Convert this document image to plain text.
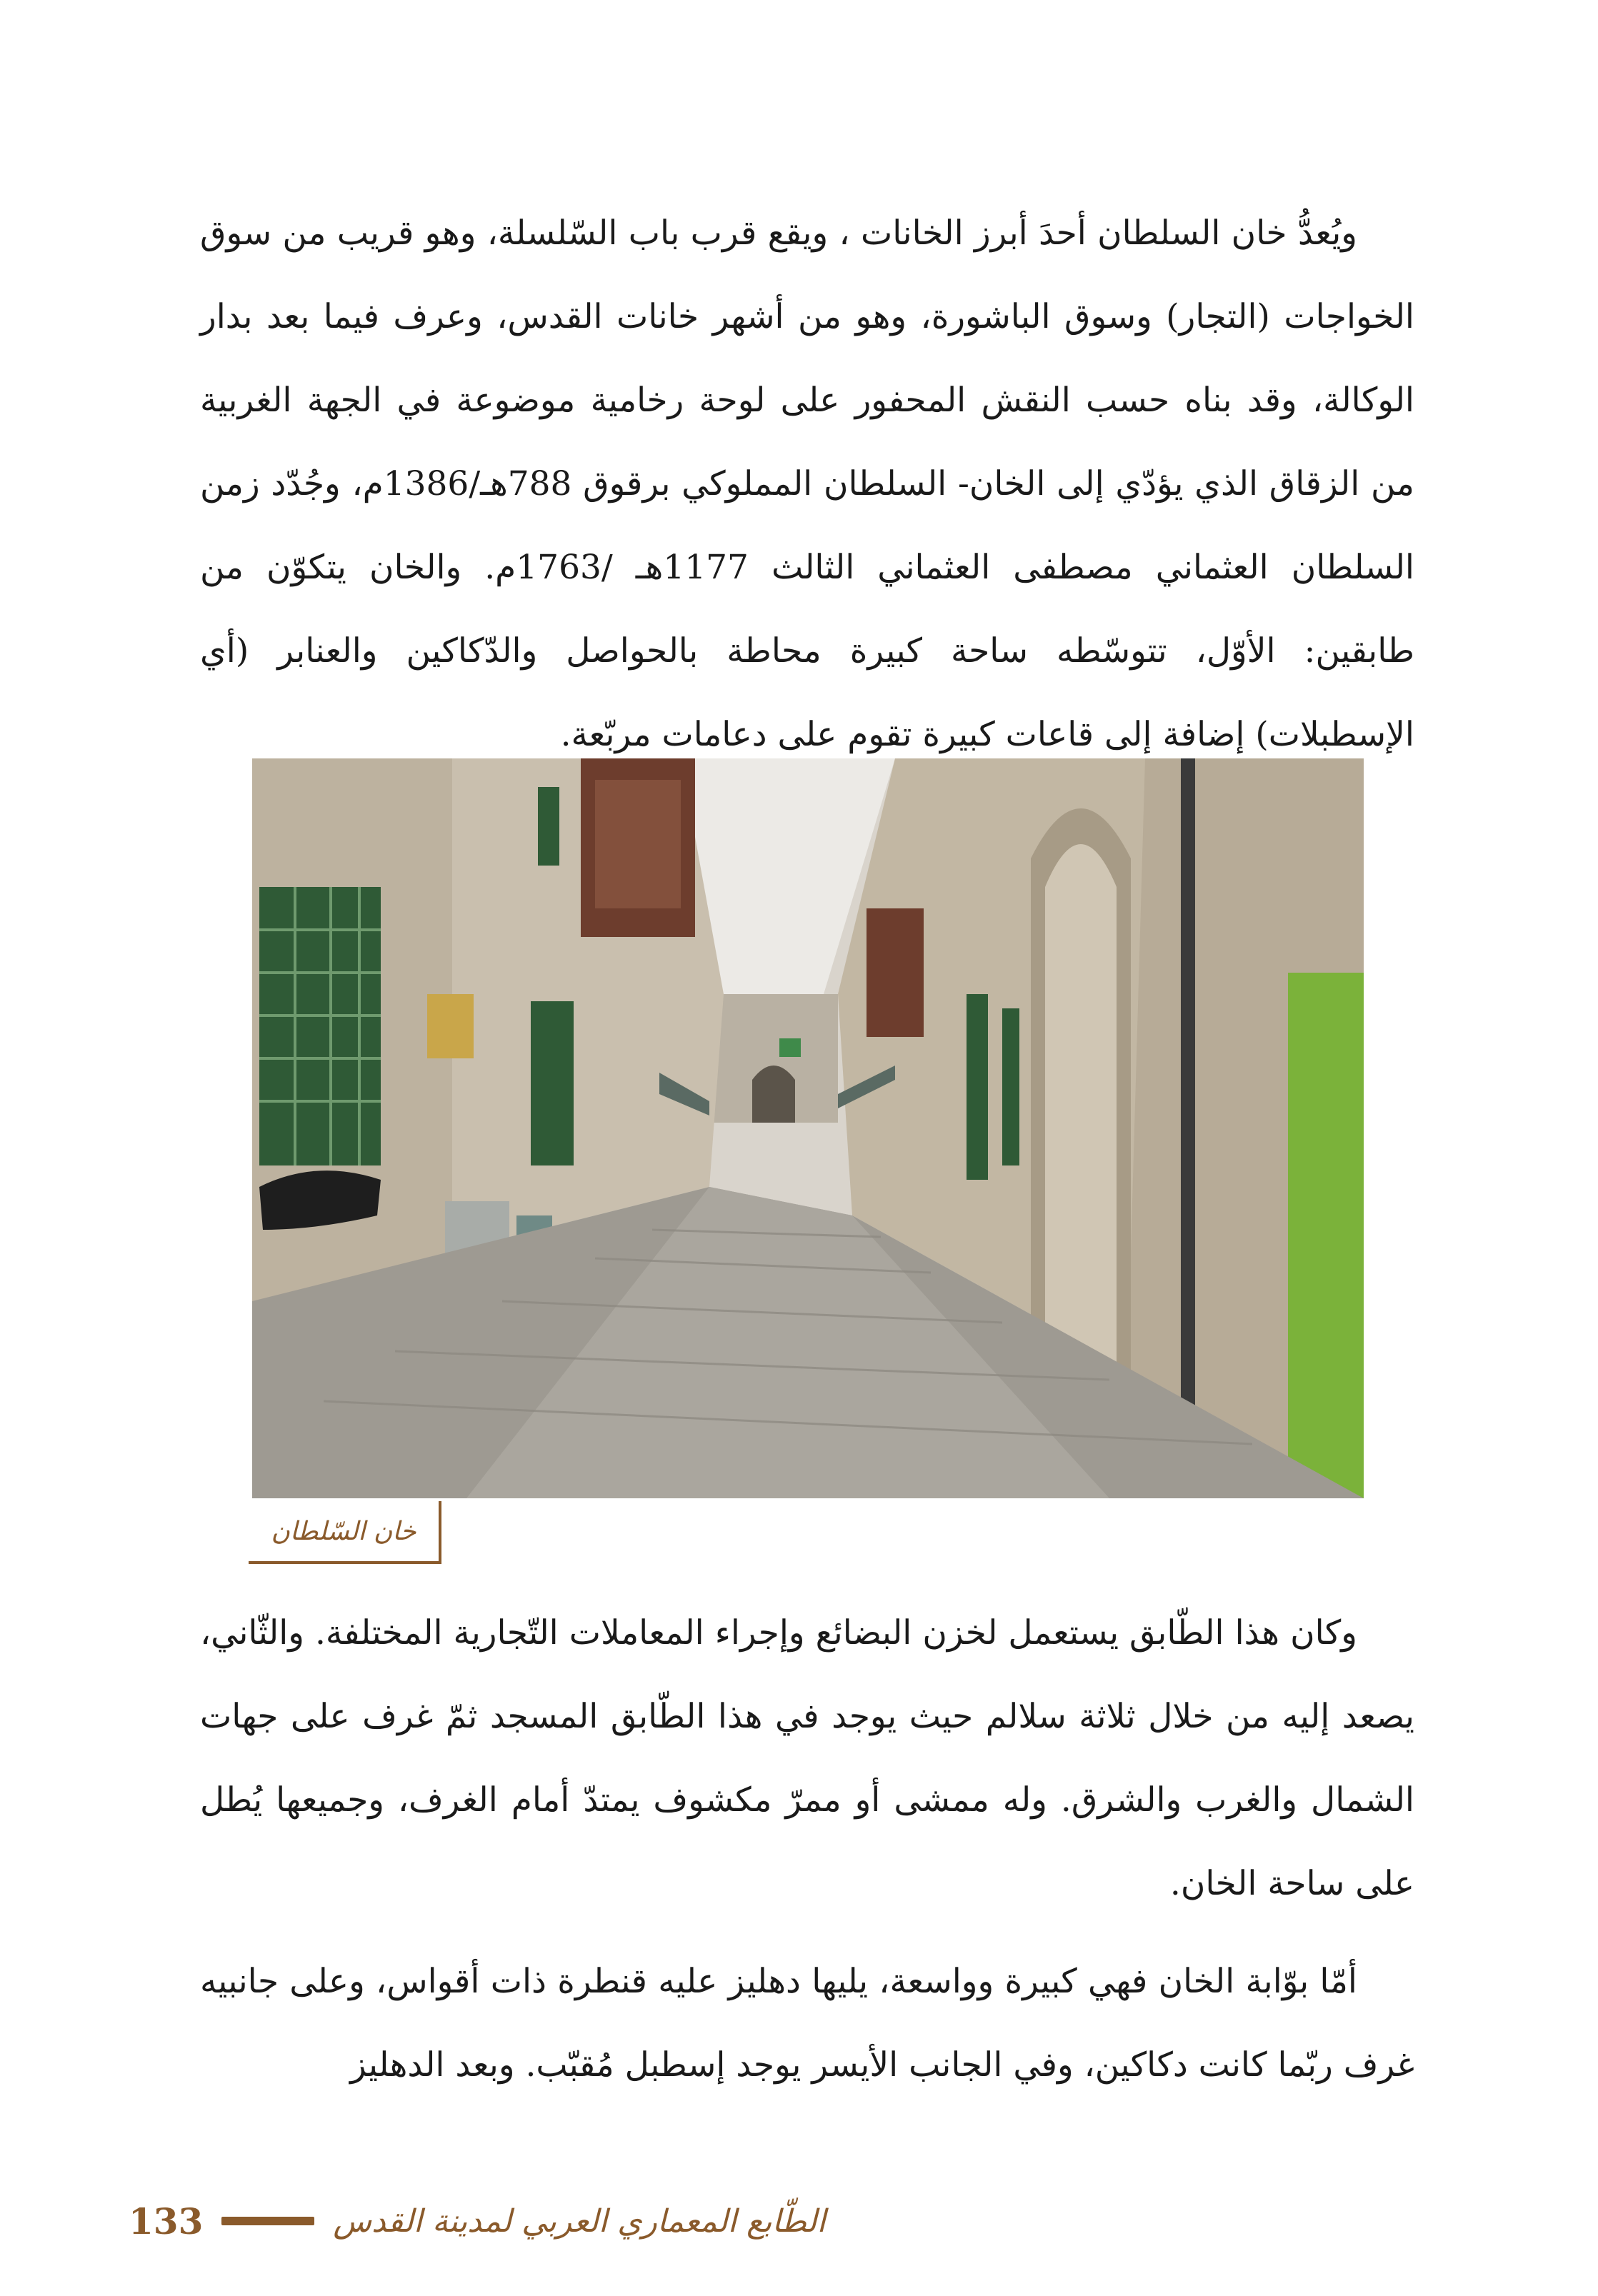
ويُعدُّ خان السلطان أحدَ أبرز الخانات ، ويقع قرب باب السّلسلة، وهو قريب من سوق الخواجات (التجار) وسوق الباشورة، وهو من أشهر خانات القدس، وعرف فيما بعد بدار الوكالة، وقد بناه حسب النقش المحفور على لوحة رخامية موضوعة في الجهة الغربية من الزقاق الذي يؤدّي إلى الخان- السلطان المملوكي برقوق 788هـ/1386م، وجُدّد زمن السلطان العثماني مصطفى العثماني الثالث 1177هـ /1763م. والخان يتكوّن من طابقين: الأوّل، تتوسّطه ساحة كبيرة محاطة بالحواصل والدّكاكين والعنابر (أي الإسطبلات) إضافة إلى قاعات كبيرة تقوم على دعامات مربّعة.

خان السّلطان

وكان هذا الطّابق يستعمل لخزن البضائع وإجراء المعاملات التّجارية المختلفة. والثّاني، يصعد إليه من خلال ثلاثة سلالم حيث يوجد في هذا الطّابق المسجد ثمّ غرف على جهات الشمال والغرب والشرق. وله ممشى أو ممرّ مكشوف يمتدّ أمام الغرف، وجميعها يُطل على ساحة الخان.

أمّا بوّابة الخان فهي كبيرة وواسعة، يليها دهليز عليه قنطرة ذات أقواس، وعلى جانبيه غرف ربّما كانت دكاكين، وفي الجانب الأيسر يوجد إسطبل مُقبّب. وبعد الدهليز

133	الطّابع المعماري العربي لمدينة القدس
